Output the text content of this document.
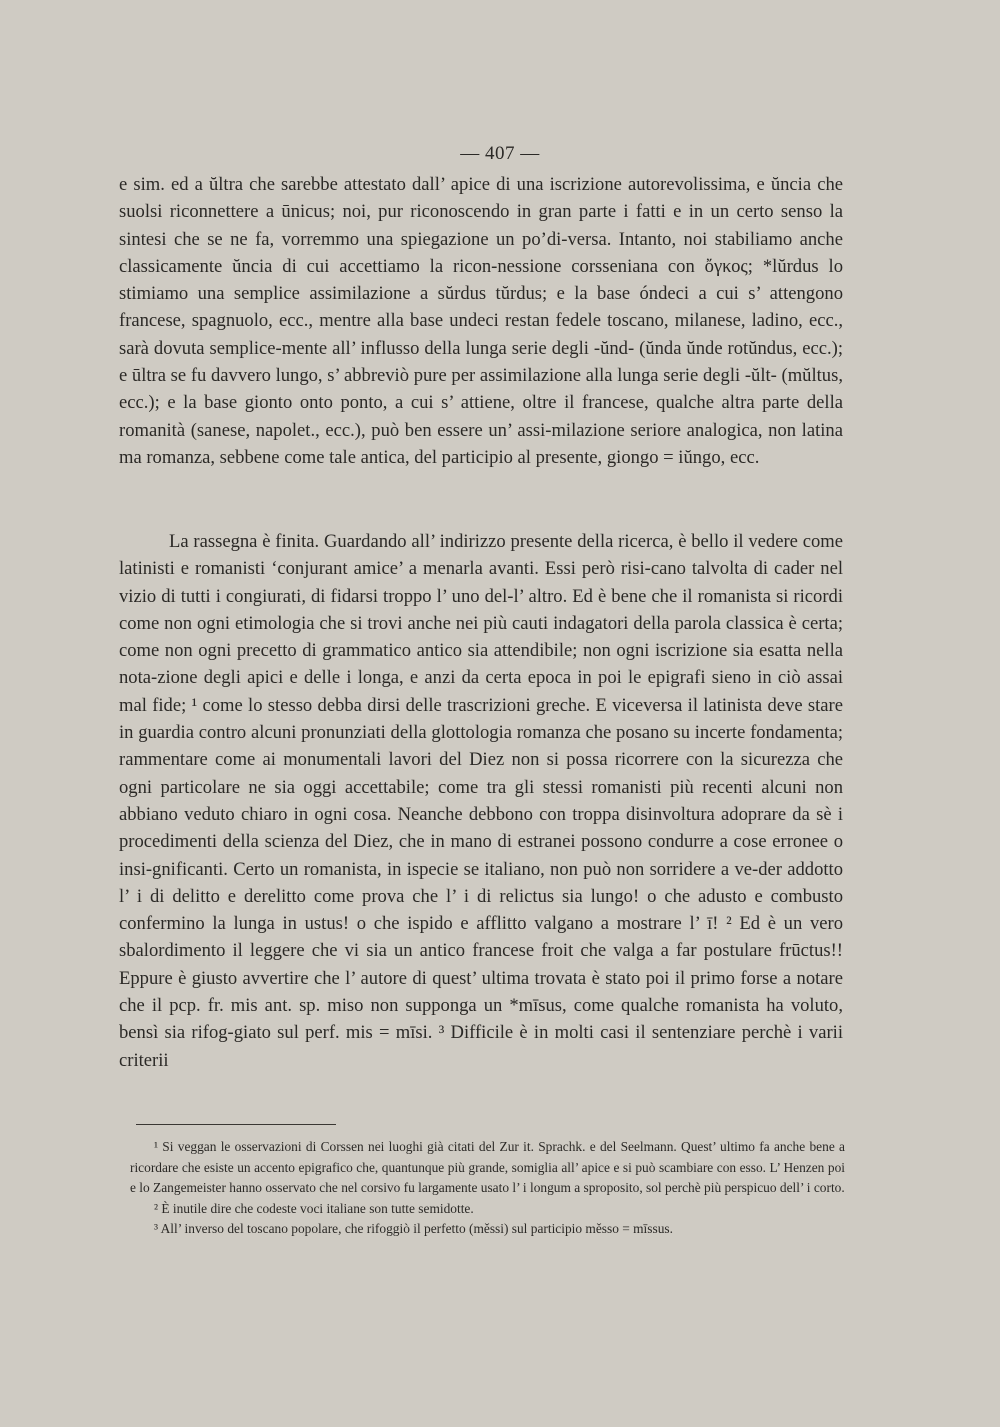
— 407 —

e sim. ed a ŭltra che sarebbe attestato dall’ apice di una iscrizione autorevolissima, e ŭncia che suolsi riconnettere a ūnicus; noi, pur riconoscendo in gran parte i fatti e in un certo senso la sintesi che se ne fa, vorremmo una spiegazione un po’di-versa. Intanto, noi stabiliamo anche classicamente ŭncia di cui accettiamo la ricon-nessione corsseniana con ὄγκος; *lŭrdus lo stimiamo una semplice assimilazione a sŭrdus tŭrdus; e la base óndeci a cui s’ attengono francese, spagnuolo, ecc., mentre alla base undeci restan fedele toscano, milanese, ladino, ecc., sarà dovuta semplice-mente all’ influsso della lunga serie degli -ŭnd- (ŭnda ŭnde rotŭndus, ecc.); e ūltra se fu davvero lungo, s’ abbreviò pure per assimilazione alla lunga serie degli -ŭlt- (mŭltus, ecc.); e la base gionto onto ponto, a cui s’ attiene, oltre il francese, qualche altra parte della romanità (sanese, napolet., ecc.), può ben essere un’ assi-milazione seriore analogica, non latina ma romanza, sebbene come tale antica, del participio al presente, giongo = iŭngo, ecc.

La rassegna è finita. Guardando all’ indirizzo presente della ricerca, è bello il vedere come latinisti e romanisti ‘conjurant amice’ a menarla avanti. Essi però risi-cano talvolta di cader nel vizio di tutti i congiurati, di fidarsi troppo l’ uno del-l’ altro. Ed è bene che il romanista si ricordi come non ogni etimologia che si trovi anche nei più cauti indagatori della parola classica è certa; come non ogni precetto di grammatico antico sia attendibile; non ogni iscrizione sia esatta nella nota-zione degli apici e delle i longa, e anzi da certa epoca in poi le epigrafi sieno in ciò assai mal fide; ¹ come lo stesso debba dirsi delle trascrizioni greche. E viceversa il latinista deve stare in guardia contro alcuni pronunziati della glottologia romanza che posano su incerte fondamenta; rammentare come ai monumentali lavori del Diez non si possa ricorrere con la sicurezza che ogni particolare ne sia oggi accettabile; come tra gli stessi romanisti più recenti alcuni non abbiano veduto chiaro in ogni cosa. Neanche debbono con troppa disinvoltura adoprare da sè i procedimenti della scienza del Diez, che in mano di estranei possono condurre a cose erronee o insi-gnificanti. Certo un romanista, in ispecie se italiano, non può non sorridere a ve-der addotto l’ i di delitto e derelitto come prova che l’ i di relictus sia lungo! o che adusto e combusto confermino la lunga in ustus! o che ispido e afflitto valgano a mostrare l’ ī! ² Ed è un vero sbalordimento il leggere che vi sia un antico francese froit che valga a far postulare frūctus!! Eppure è giusto avvertire che l’ autore di quest’ ultima trovata è stato poi il primo forse a notare che il pcp. fr. mis ant. sp. miso non supponga un *mīsus, come qualche romanista ha voluto, bensì sia rifog-giato sul perf. mis = mīsi. ³ Difficile è in molti casi il sentenziare perchè i varii criterii

¹ Si veggan le osservazioni di Corssen nei luoghi già citati del Zur it. Sprachk. e del Seelmann. Quest’ ultimo fa anche bene a ricordare che esiste un accento epigrafico che, quantunque più grande, somiglia all’ apice e si può scambiare con esso. L’ Henzen poi e lo Zangemeister hanno osservato che nel corsivo fu largamente usato l’ i longum a sproposito, sol perchè più perspicuo dell’ i corto.

² È inutile dire che codeste voci italiane son tutte semidotte.

³ All’ inverso del toscano popolare, che rifoggiò il perfetto (měssi) sul participio měsso = mīssus.
